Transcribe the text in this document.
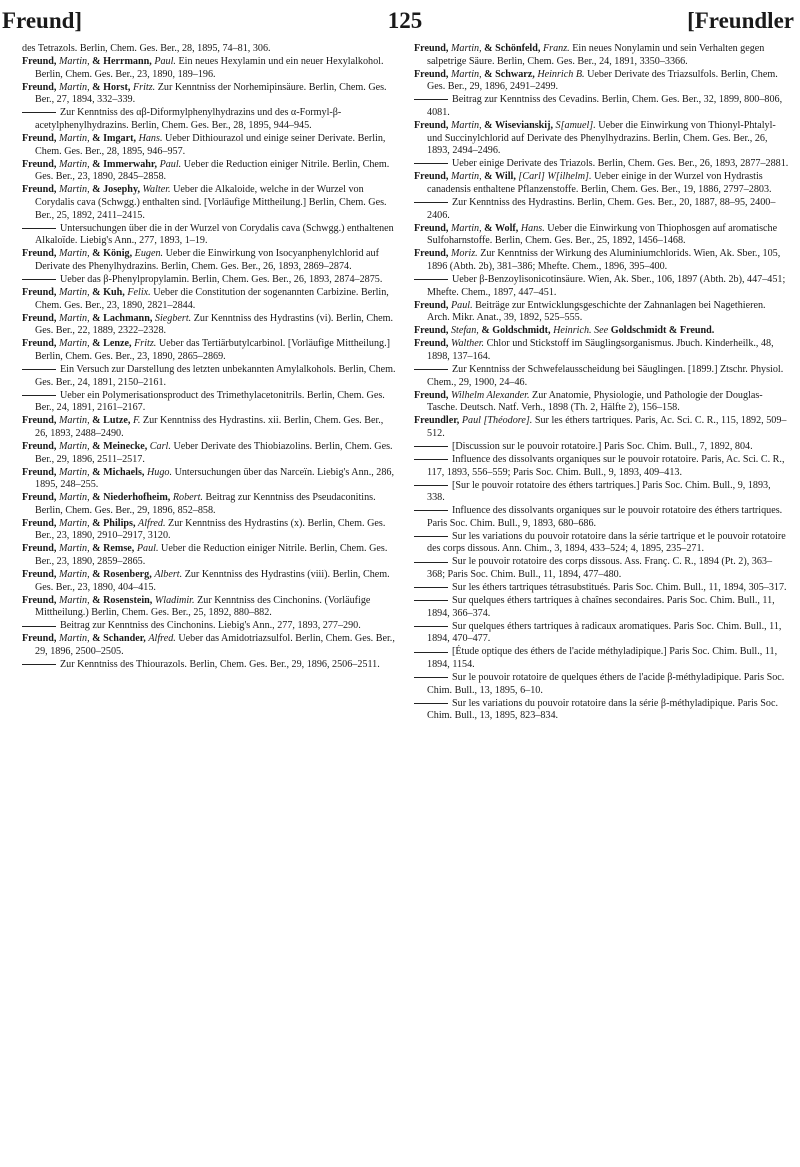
Freund]	125	[Freundler
des Tetrazols. Berlin, Chem. Ges. Ber., 28, 1895, 74–81, 306.
Freund, Martin, & Herrmann, Paul. Ein neues Hexylamin und ein neuer Hexylalkohol. Berlin, Chem. Ges. Ber., 23, 1890, 189–196.
Freund, Martin, & Horst, Fritz. Zur Kenntniss der Norhemipinsäure. Berlin, Chem. Ges. Ber., 27, 1894, 332–339.
Zur Kenntniss des αβ-Diformylphenylhydrazins und des α-Formyl-β-acetylphenylhydrazins. Berlin, Chem. Ges. Ber., 28, 1895, 944–945.
Freund, Martin, & Imgart, Hans. Ueber Dithiourazol und einige seiner Derivate. Berlin, Chem. Ges. Ber., 28, 1895, 946–957.
Freund, Martin, & Immerwahr, Paul. Ueber die Reduction einiger Nitrile. Berlin, Chem. Ges. Ber., 23, 1890, 2845–2858.
Freund, Martin, & Josephy, Walter. Ueber die Alkaloide, welche in der Wurzel von Corydalis cava (Schwgg.) enthalten sind. [Vorläufige Mittheilung.] Berlin, Chem. Ges. Ber., 25, 1892, 2411–2415.
Untersuchungen über die in der Wurzel von Corydalis cava (Schwgg.) enthaltenen Alkaloïde. Liebig's Ann., 277, 1893, 1–19.
Freund, Martin, & König, Eugen. Ueber die Einwirkung von Isocyanphenylchlorid auf Derivate des Phenylhydrazins. Berlin, Chem. Ges. Ber., 26, 1893, 2869–2874.
Ueber das β-Phenylpropylamin. Berlin, Chem. Ges. Ber., 26, 1893, 2874–2875.
Freund, Martin, & Kuh, Felix. Ueber die Constitution der sogenannten Carbizine. Berlin, Chem. Ges. Ber., 23, 1890, 2821–2844.
Freund, Martin, & Lachmann, Siegbert. Zur Kenntniss des Hydrastins (vi). Berlin, Chem. Ges. Ber., 22, 1889, 2322–2328.
Freund, Martin, & Lenze, Fritz. Ueber das Tertiärbutylcarbinol. [Vorläufige Mittheilung.] Berlin, Chem. Ges. Ber., 23, 1890, 2865–2869.
Ein Versuch zur Darstellung des letzten unbekannten Amylalkohols. Berlin, Chem. Ges. Ber., 24, 1891, 2150–2161.
Ueber ein Polymerisationsproduct des Trimethylacetonitrils. Berlin, Chem. Ges. Ber., 24, 1891, 2161–2167.
Freund, Martin, & Lutze, F. Zur Kenntniss des Hydrastins. xii. Berlin, Chem. Ges. Ber., 26, 1893, 2488–2490.
Freund, Martin, & Meinecke, Carl. Ueber Derivate des Thiobiazolins. Berlin, Chem. Ges. Ber., 29, 1896, 2511–2517.
Freund, Martin, & Michaels, Hugo. Untersuchungen über das Narceïn. Liebig's Ann., 286, 1895, 248–255.
Freund, Martin, & Niederhofheim, Robert. Beitrag zur Kenntniss des Pseudaconitins. Berlin, Chem. Ges. Ber., 29, 1896, 852–858.
Freund, Martin, & Philips, Alfred. Zur Kenntniss des Hydrastins (x). Berlin, Chem. Ges. Ber., 23, 1890, 2910–2917, 3120.
Freund, Martin, & Remse, Paul. Ueber die Reduction einiger Nitrile. Berlin, Chem. Ges. Ber., 23, 1890, 2859–2865.
Freund, Martin, & Rosenberg, Albert. Zur Kenntniss des Hydrastins (viii). Berlin, Chem. Ges. Ber., 23, 1890, 404–415.
Freund, Martin, & Rosenstein, Wladimir. Zur Kenntniss des Cinchonins. (Vorläufige Mittheilung.) Berlin, Chem. Ges. Ber., 25, 1892, 880–882.
Beitrag zur Kenntniss des Cinchonins. Liebig's Ann., 277, 1893, 277–290.
Freund, Martin, & Schander, Alfred. Ueber das Amidotriazsulfol. Berlin, Chem. Ges. Ber., 29, 1896, 2500–2505.
Zur Kenntniss des Thiourazols. Berlin, Chem. Ges. Ber., 29, 1896, 2506–2511.
Freund, Martin, & Schönfeld, Franz. Ein neues Nonylamin und sein Verhalten gegen salpetrige Säure. Berlin, Chem. Ges. Ber., 24, 1891, 3350–3366.
Freund, Martin, & Schwarz, Heinrich B. Ueber Derivate des Triazsulfols. Berlin, Chem. Ges. Ber., 29, 1896, 2491–2499.
Beitrag zur Kenntniss des Cevadins. Berlin, Chem. Ges. Ber., 32, 1899, 800–806, 4081.
Freund, Martin, & Wisevianskij, S[amuel]. Ueber die Einwirkung von Thionyl-Phtalyl- und Succinylchlorid auf Derivate des Phenylhydrazins. Berlin, Chem. Ges. Ber., 26, 1893, 2494–2496.
Ueber einige Derivate des Triazols. Berlin, Chem. Ges. Ber., 26, 1893, 2877–2881.
Freund, Martin, & Will, [Carl] W[ilhelm]. Ueber einige in der Wurzel von Hydrastis canadensis enthaltene Pflanzenstoffe. Berlin, Chem. Ges. Ber., 19, 1886, 2797–2803.
Zur Kenntniss des Hydrastins. Berlin, Chem. Ges. Ber., 20, 1887, 88–95, 2400–2406.
Freund, Martin, & Wolf, Hans. Ueber die Einwirkung von Thiophosgen auf aromatische Sulfoharnstoffe. Berlin, Chem. Ges. Ber., 25, 1892, 1456–1468.
Freund, Moriz. Zur Kenntniss der Wirkung des Aluminiumchlorids. Wien, Ak. Sber., 105, 1896 (Abth. 2b), 381–386; Mhefte. Chem., 1896, 395–400.
Ueber β-Benzoylisonicotinsäure. Wien, Ak. Sber., 106, 1897 (Abth. 2b), 447–451; Mhefte. Chem., 1897, 447–451.
Freund, Paul. Beiträge zur Entwicklungsgeschichte der Zahnanlagen bei Nagethieren. Arch. Mikr. Anat., 39, 1892, 525–555.
Freund, Stefan, & Goldschmidt, Heinrich. See Goldschmidt & Freund.
Freund, Walther. Chlor und Stickstoff im Säuglingsorganismus. Jbuch. Kinderheilk., 48, 1898, 137–164.
Zur Kenntniss der Schwefelausscheidung bei Säuglingen. [1899.] Ztschr. Physiol. Chem., 29, 1900, 24–46.
Freund, Wilhelm Alexander. Zur Anatomie, Physiologie, und Pathologie der Douglas-Tasche. Deutsch. Natf. Verh., 1898 (Th. 2, Hälfte 2), 156–158.
Freundler, Paul [Théodore]. Sur les éthers tartriques. Paris, Ac. Sci. C. R., 115, 1892, 509–512.
[Discussion sur le pouvoir rotatoire.] Paris Soc. Chim. Bull., 7, 1892, 804.
Influence des dissolvants organiques sur le pouvoir rotatoire. Paris, Ac. Sci. C. R., 117, 1893, 556–559; Paris Soc. Chim. Bull., 9, 1893, 409–413.
[Sur le pouvoir rotatoire des éthers tartriques.] Paris Soc. Chim. Bull., 9, 1893, 338.
Influence des dissolvants organiques sur le pouvoir rotatoire des éthers tartriques. Paris Soc. Chim. Bull., 9, 1893, 680–686.
Sur les variations du pouvoir rotatoire dans la série tartrique et le pouvoir rotatoire des corps dissous. Ann. Chim., 3, 1894, 433–524; 4, 1895, 235–271.
Sur le pouvoir rotatoire des corps dissous. Ass. Franç. C. R., 1894 (Pt. 2), 363–368; Paris Soc. Chim. Bull., 11, 1894, 477–480.
Sur les éthers tartriques tétrasubstitués. Paris Soc. Chim. Bull., 11, 1894, 305–317.
Sur quelques éthers tartriques à chaînes secondaires. Paris Soc. Chim. Bull., 11, 1894, 366–374.
Sur quelques éthers tartriques à radicaux aromatiques. Paris Soc. Chim. Bull., 11, 1894, 470–477.
[Étude optique des éthers de l'acide méthyladipique.] Paris Soc. Chim. Bull., 11, 1894, 1154.
Sur le pouvoir rotatoire de quelques éthers de l'acide β-méthyladipique. Paris Soc. Chim. Bull., 13, 1895, 6–10.
Sur les variations du pouvoir rotatoire dans la série β-méthyladipique. Paris Soc. Chim. Bull., 13, 1895, 823–834.
